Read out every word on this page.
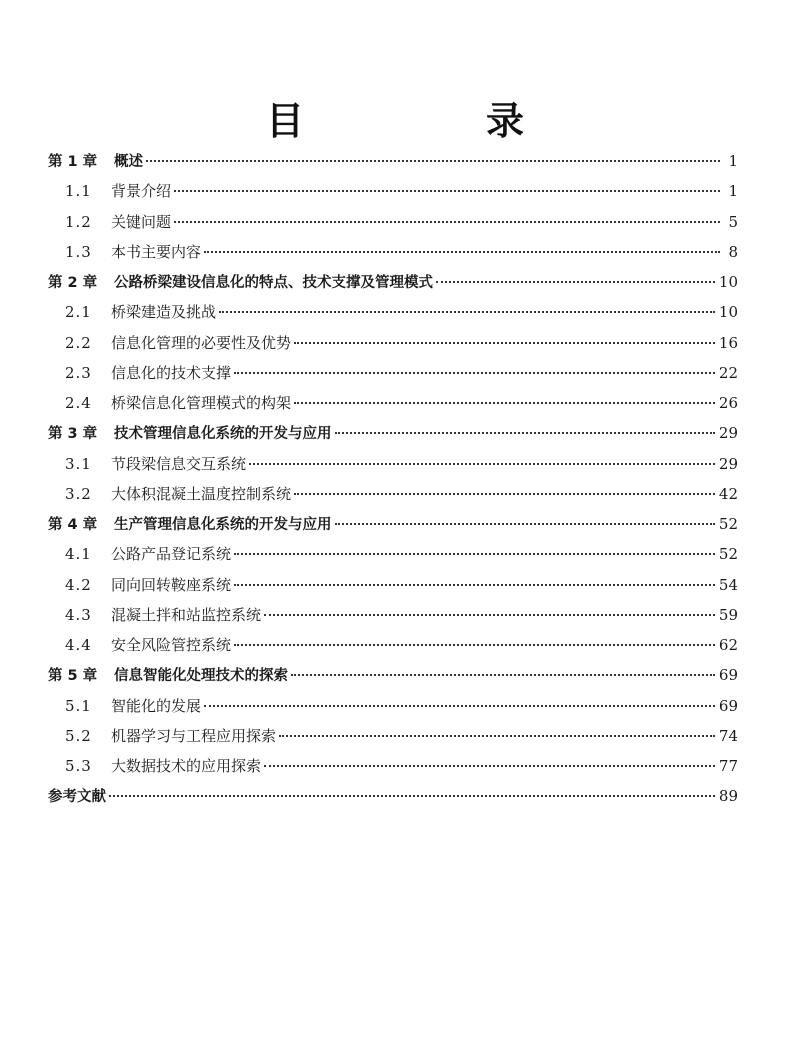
目　录
第 1 章	概述	1
1.1	背景介绍	1
1.2	关键问题	5
1.3	本书主要内容	8
第 2 章	公路桥梁建设信息化的特点、技术支撑及管理模式	10
2.1	桥梁建造及挑战	10
2.2	信息化管理的必要性及优势	16
2.3	信息化的技术支撑	22
2.4	桥梁信息化管理模式的构架	26
第 3 章	技术管理信息化系统的开发与应用	29
3.1	节段梁信息交互系统	29
3.2	大体积混凝土温度控制系统	42
第 4 章	生产管理信息化系统的开发与应用	52
4.1	公路产品登记系统	52
4.2	同向回转鞍座系统	54
4.3	混凝土拌和站监控系统	59
4.4	安全风险管控系统	62
第 5 章	信息智能化处理技术的探索	69
5.1	智能化的发展	69
5.2	机器学习与工程应用探索	74
5.3	大数据技术的应用探索	77
参考文献	89
